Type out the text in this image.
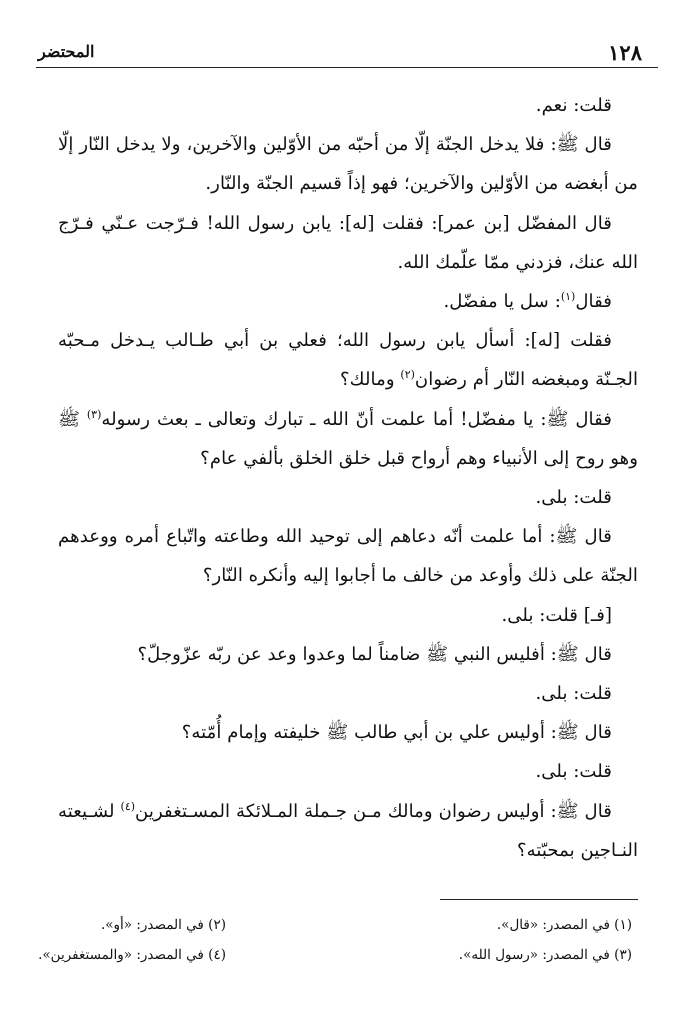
١٢٨
المحتضر

قلت: نعم.

قال ﷺ: فلا يدخل الجنّة إلّا من أحبّه من الأوّلين والآخرين، ولا يدخل النّار إلّا من أبغضه من الأوّلين والآخرين؛ فهو إذاً قسيم الجنّة والنّار.

قال المفضّل [بن عمر]: فقلت [له]: يابن رسول الله! فـرّجت عـنّي فـرّج الله عنك، فزدني ممّا علّمك الله.

فقال$^{(١)}$: سل يا مفضّل.

فقلت [له]: أسأل يابن رسول الله؛ فعلي بن أبي طـالب يـدخل مـحبّه الجـنّة ومبغضه النّار أم رضوان$^{(٢)}$ ومالك؟

فقال ﷺ: يا مفضّل! أما علمت أنّ الله ـ تبارك وتعالى ـ بعث رسوله$^{(٣)}$ ﷺ وهو روح إلى الأنبياء وهم أرواح قبل خلق الخلق بألفي عام؟

قلت: بلى.

قال ﷺ: أما علمت أنّه دعاهم إلى توحيد الله وطاعته واتّباع أمره ووعدهم الجنّة على ذلك وأوعد من خالف ما أجابوا إليه وأنكره النّار؟

[فـ] قلت: بلى.

قال ﷺ: أفليس النبي ﷺ ضامناً لما وعدوا وعد عن ربّه عزّوجلّ؟

قلت: بلى.

قال ﷺ: أوليس علي بن أبي طالب ﷺ خليفته وإمام أُمّته؟

قلت: بلى.

قال ﷺ: أوليس رضوان ومالك مـن جـملة المـلائكة المسـتغفرين$^{(٤)}$ لشـيعته النـاجين بمحبّته؟

(١) في المصدر: «قال».
(٢) في المصدر: «أو».
(٣) في المصدر: «رسول الله».
(٤) في المصدر: «والمستغفرين».
